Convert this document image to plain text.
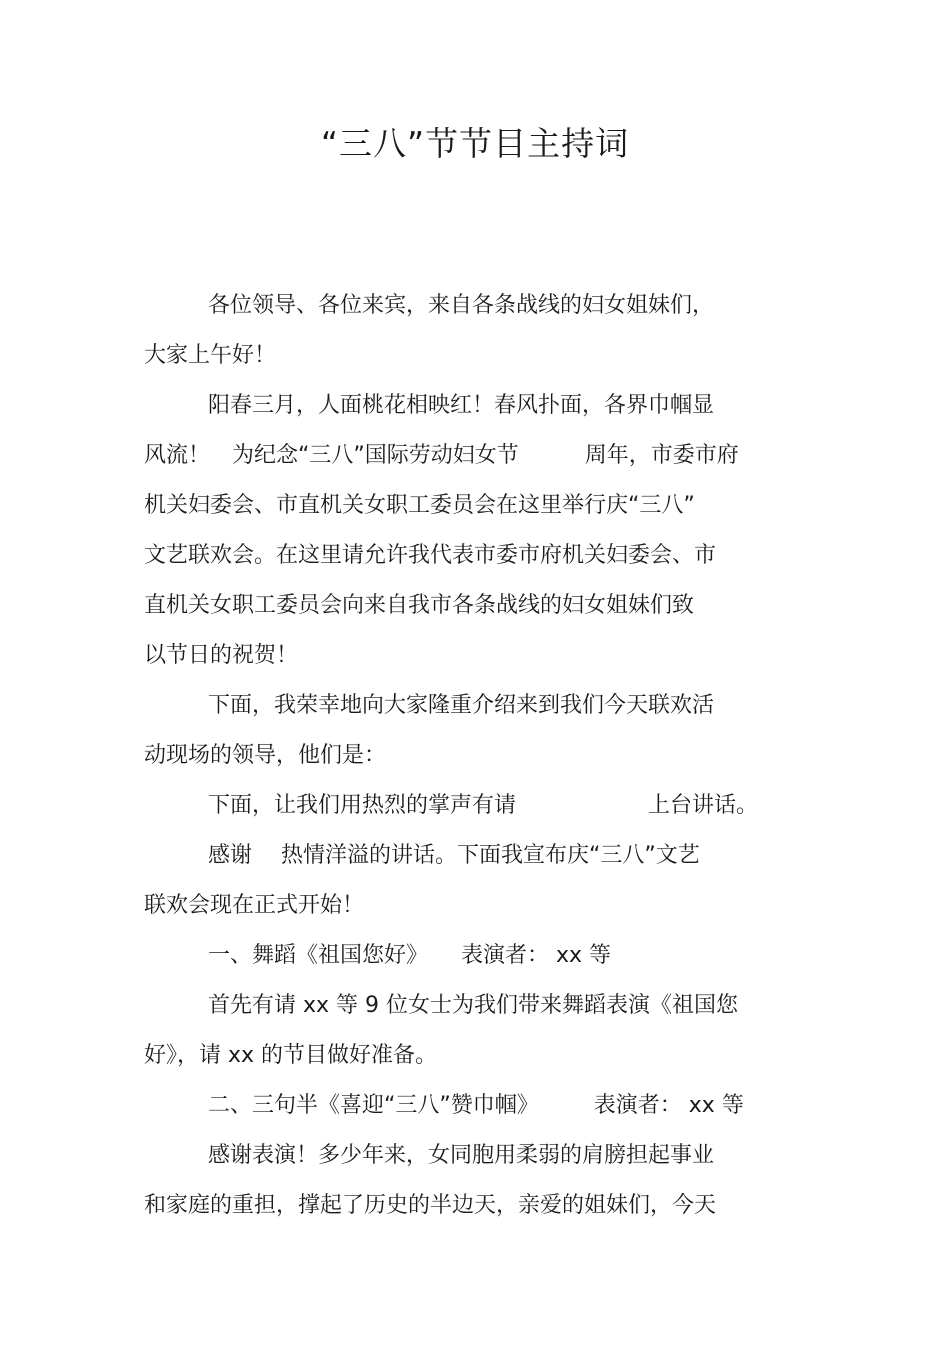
“三八”节节目主持词
各位领导、各位来宾，来自各条战线的妇女姐妹们，
大家上午好！
阳春三月，人面桃花相映红！春风扑面，各界巾帼显
风流！　为纪念“三八”国际劳动妇女节　　　周年，市委市府
机关妇委会、市直机关女职工委员会在这里举行庆“三八”
文艺联欢会。在这里请允许我代表市委市府机关妇委会、市
直机关女职工委员会向来自我市各条战线的妇女姐妹们致
以节日的祝贺！
下面，我荣幸地向大家隆重介绍来到我们今天联欢活
动现场的领导，他们是：
下面，让我们用热烈的掌声有请　　　　　　上台讲话。
感谢　 热情洋溢的讲话。下面我宣布庆“三八”文艺
联欢会现在正式开始！
一、舞蹈《祖国您好》　　表演者： xx 等
首先有请 xx 等 9 位女士为我们带来舞蹈表演《祖国您
好》，请 xx 的节目做好准备。
二、三句半《喜迎“三八”赞巾帼》　　　表演者： xx 等
感谢表演！多少年来，女同胞用柔弱的肩膀担起事业
和家庭的重担，撑起了历史的半边天，亲爱的姐妹们，今天
